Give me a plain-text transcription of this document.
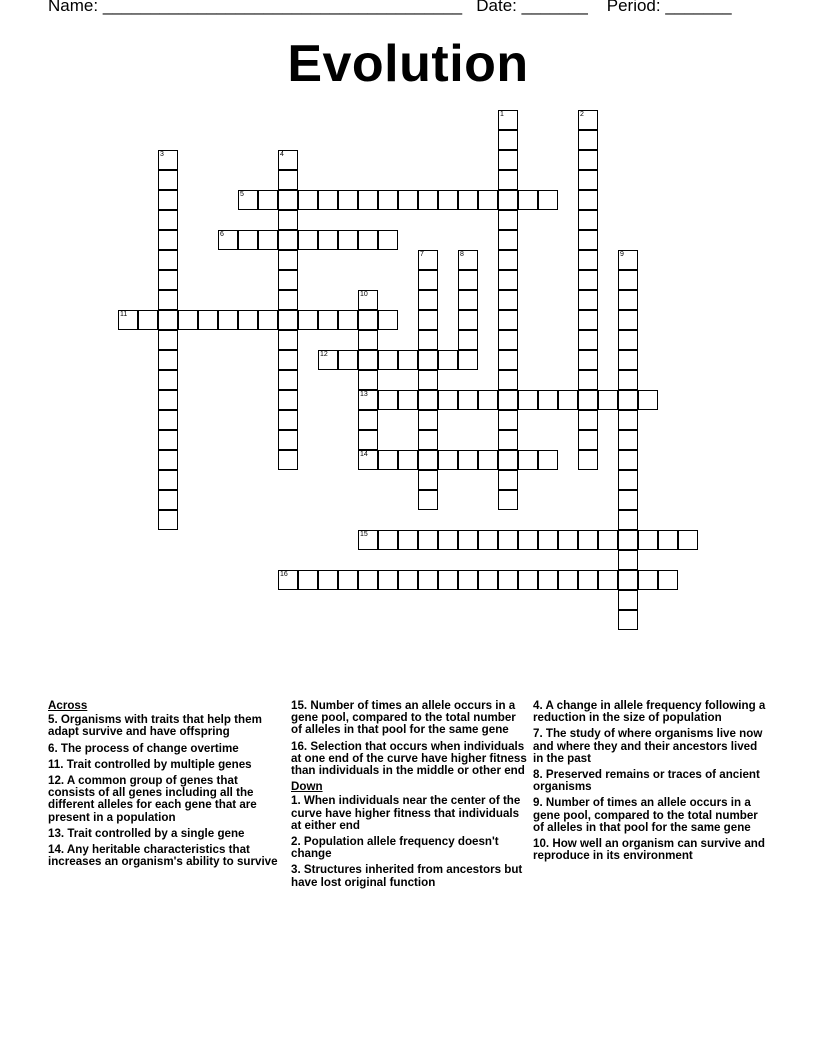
Name: ______________________________________ Date: _______ Period: _______
Evolution
1	2
3	4
5
6
7	8	9
10
13
11
12
14
15
16
Across
5. Organisms with traits that help them adapt survive and have offspring
6. The process of change overtime
11. Trait controlled by multiple genes
12. A common group of genes that consists of all genes including all the different alleles for each gene that are present in a population
13. Trait controlled by a single gene
14. Any heritable characteristics that increases an organism's ability to survive
15. Number of times an allele occurs in a gene pool, compared to the total number of alleles in that pool for the same gene
16. Selection that occurs when individuals at one end of the curve have higher fitness than individuals in the middle or other end
Down
1. When individuals near the center of the curve have higher fitness that individuals at either end
2. Population allele frequency doesn't change
3. Structures inherited from ancestors but have lost original function
4. A change in allele frequency following a reduction in the size of population
7. The study of where organisms live now and where they and their ancestors lived in the past
8. Preserved remains or traces of ancient organisms
9. Number of times an allele occurs in a gene pool, compared to the total number of alleles in that pool for the same gene
10. How well an organism can survive and reproduce in its environment
